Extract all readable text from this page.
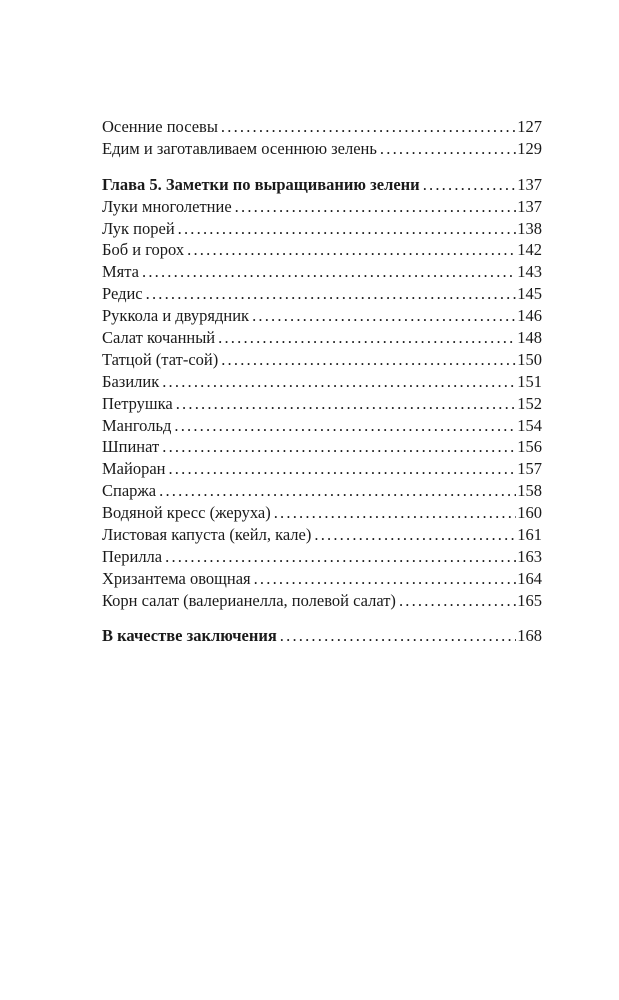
Осенние посевы .....	127
Едим и заготавливаем осеннюю зелень .....	129
Глава 5. Заметки по выращиванию зелени .....	137
Луки многолетние .....	137
Лук порей .....	138
Боб и горох .....	142
Мята .....	143
Редис .....	145
Руккола и двурядник .....	146
Салат кочанный .....	148
Татцой (тат-сой) .....	150
Базилик .....	151
Петрушка .....	152
Мангольд .....	154
Шпинат .....	156
Майоран .....	157
Спаржа .....	158
Водяной кресс (жеруха) .....	160
Листовая капуста (кейл, кале) .....	161
Перилла .....	163
Хризантема овощная .....	164
Корн салат (валерианелла, полевой салат) .....	165
В качестве заключения .....	168
